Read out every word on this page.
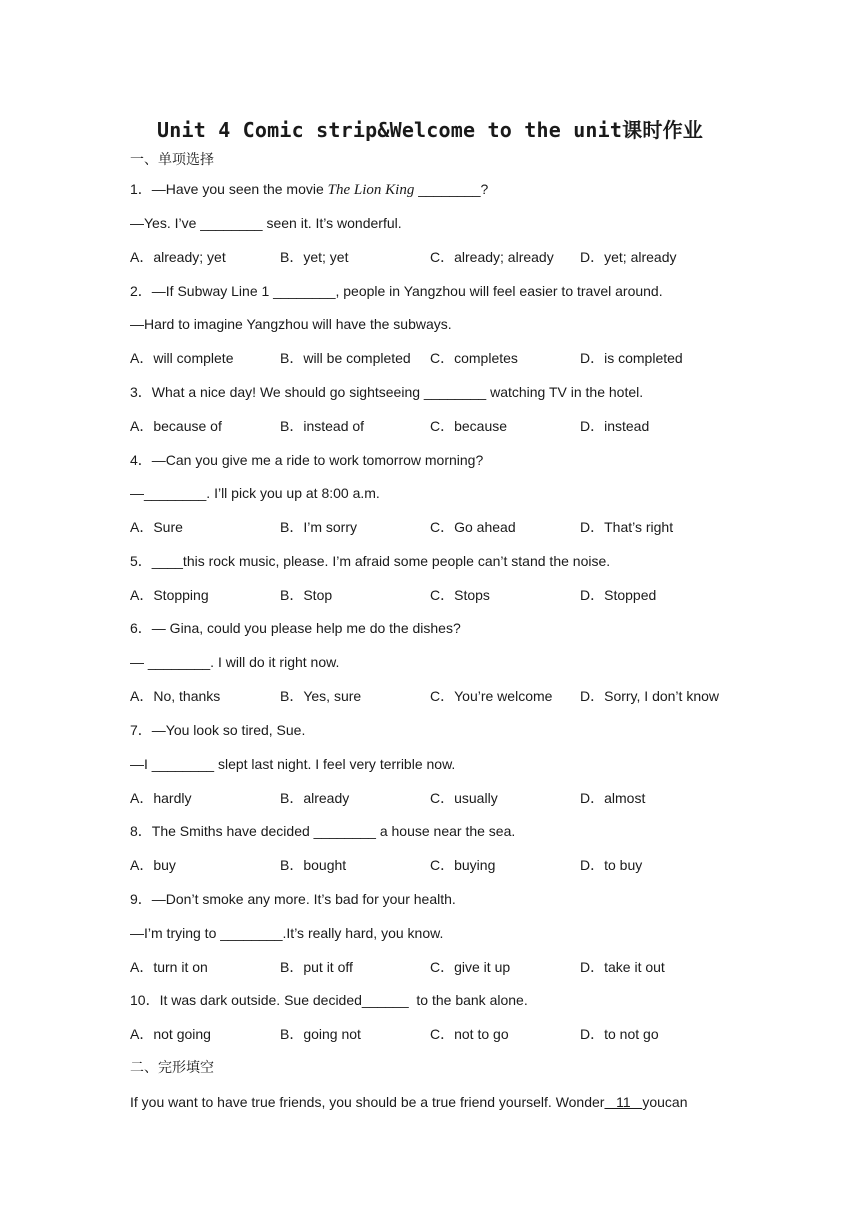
Unit 4 Comic strip&Welcome to the unit课时作业
一、单项选择
1．—Have you seen the movie The Lion King ________?
—Yes. I’ve ________ seen it. It’s wonderful.
A．already; yet	B．yet; yet	C．already; already D．yet; already
2．—If Subway Line 1 ________, people in Yangzhou will feel easier to travel around.
—Hard to imagine Yangzhou will have the subways.
A．will complete	B．will be completed C．completes	D．is completed
3．What a nice day! We should go sightseeing ________ watching TV in the hotel.
A．because of	B．instead of	C．because	D．instead
4．—Can you give me a ride to work tomorrow morning?
—________. I’ll pick you up at 8:00 a.m.
A．Sure	B．I’m sorry	C．Go ahead	D．That’s right
5．____this rock music, please. I’m afraid some people can’t stand the noise.
A．Stopping	B．Stop	C．Stops	D．Stopped
6．— Gina, could you please help me do the dishes?
— ________. I will do it right now.
A．No, thanks	B．Yes, sure	C．You’re welcome D．Sorry, I don’t know
7．—You look so tired, Sue.
—I ________ slept last night. I feel very terrible now.
A．hardly	B．already	C．usually	D．almost
8．The Smiths have decided ________ a house near the sea.
A．buy	B．bought	C．buying	D．to buy
9．—Don’t smoke any more. It’s bad for your health.
—I’m trying to ________.It’s really hard, you know.
A．turn it on	B．put it off	C．give it up	D．take it out
10．It was dark outside. Sue decided______  to the bank alone.
A．not going	B．going not	C．not to go	D．to not go
二、完形填空
If you want to have true friends, you should be a true friend yourself. Wonder   11   youcan
